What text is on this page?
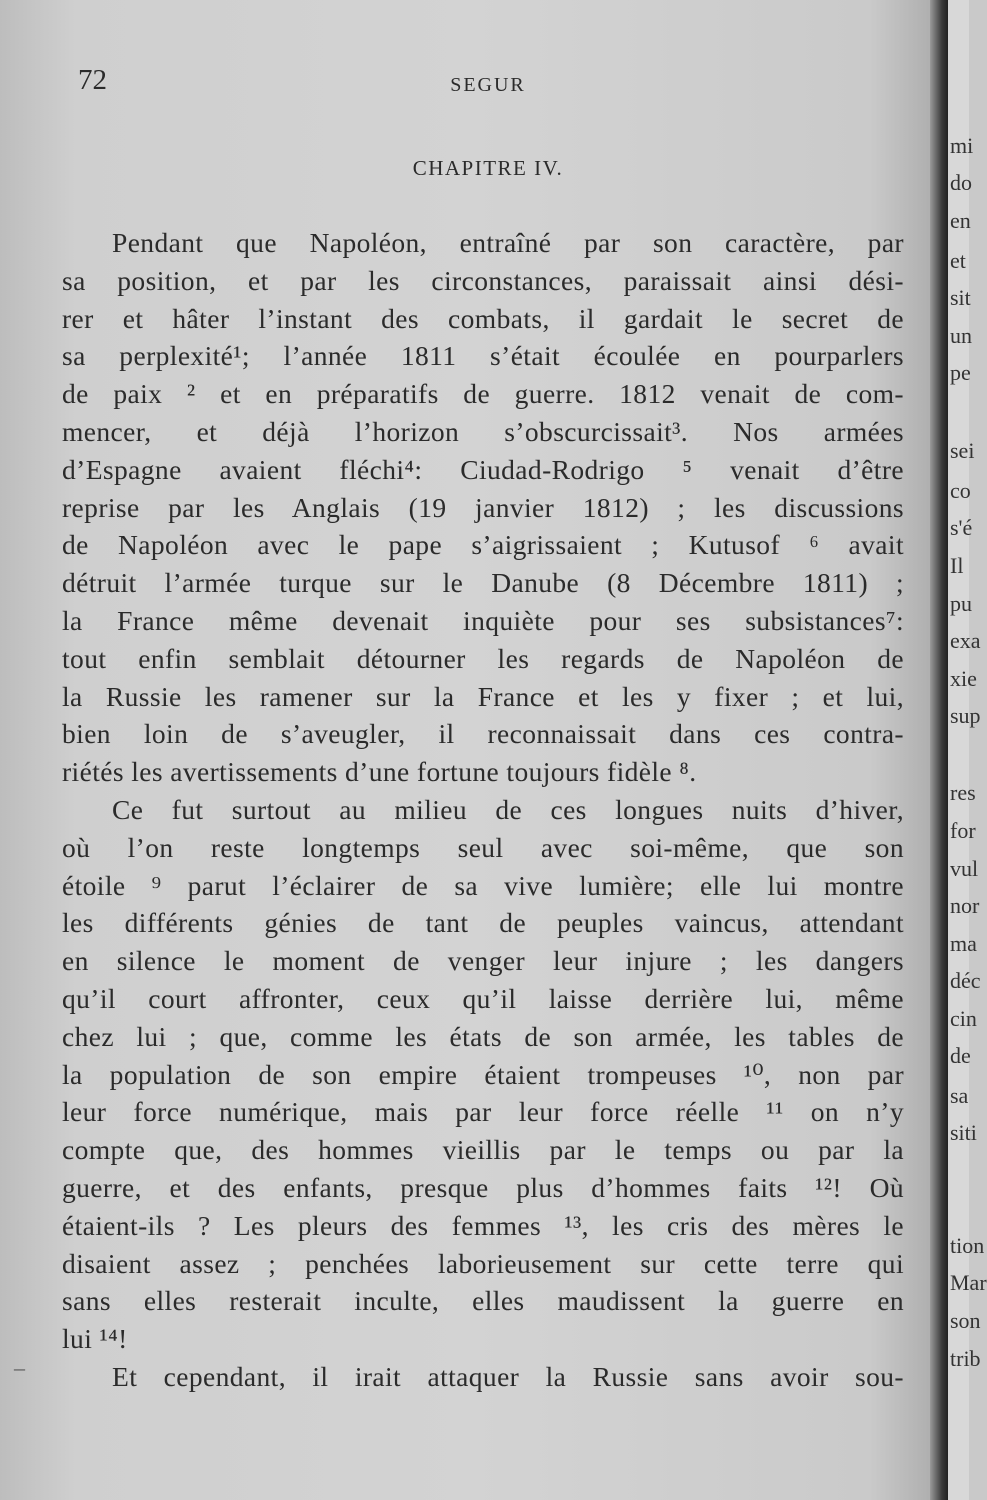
72	SEGUR
CHAPITRE IV.

Pendant que Napoléon, entraîné par son caractère, par
sa position, et par les circonstances, paraissait ainsi dési-
rer et hâter l’instant des combats, il gardait le secret de
sa perplexité¹; l’année 1811 s’était écoulée en pourparlers
de paix ² et en préparatifs de guerre. 1812 venait de com-
mencer, et déjà l’horizon s’obscurcissait³. Nos armées
d’Espagne avaient fléchi⁴: Ciudad-Rodrigo ⁵ venait d’être
reprise par les Anglais (19 janvier 1812) ; les discussions
de Napoléon avec le pape s’aigrissaient ; Kutusof ⁶ avait
détruit l’armée turque sur le Danube (8 Décembre 1811) ;
la France même devenait inquiète pour ses subsistances⁷:
tout enfin semblait détourner les regards de Napoléon de
la Russie les ramener sur la France et les y fixer ; et lui,
bien loin de s’aveugler, il reconnaissait dans ces contra-
riétés les avertissements d’une fortune toujours fidèle ⁸.

Ce fut surtout au milieu de ces longues nuits d’hiver,
où l’on reste longtemps seul avec soi-même, que son
étoile ⁹ parut l’éclairer de sa vive lumière; elle lui montre
les différents génies de tant de peuples vaincus, attendant
en silence le moment de venger leur injure ; les dangers
qu’il court affronter, ceux qu’il laisse derrière lui, même
chez lui ; que, comme les états de son armée, les tables de
la population de son empire étaient trompeuses ¹⁰, non par
leur force numérique, mais par leur force réelle ¹¹ on n’y
compte que, des hommes vieillis par le temps ou par la
guerre, et des enfants, presque plus d’hommes faits ¹²! Où
étaient-ils ? Les pleurs des femmes ¹³, les cris des mères le
disaient assez ; penchées laborieusement sur cette terre qui
sans elles resterait inculte, elles maudissent la guerre en
lui ¹⁴!

Et cependant, il irait attaquer la Russie sans avoir sou-

–
mi
do
en
et
sit
un
pe
sei
co
s'é
Il
pu
exa
xie
sup
res
for
vul
nor
ma
déc
cin
de
sa
siti
tion
Mar
son
trib
